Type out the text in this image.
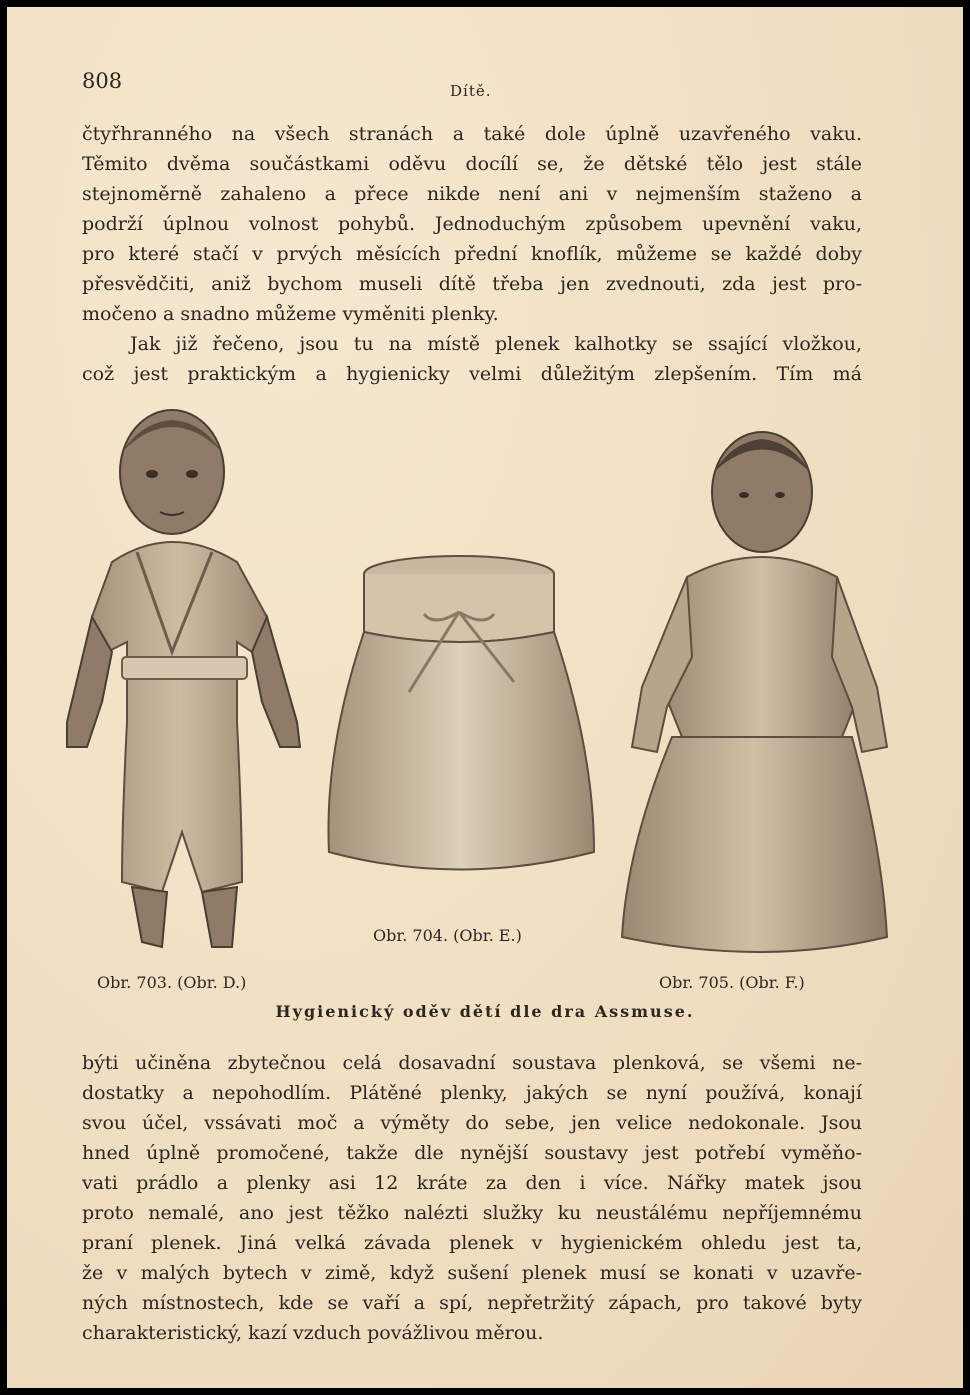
808	Dítě.
čtyřhranného na všech stranách a také dole úplně uzavřeného vaku.
Těmito dvěma součástkami oděvu docílí se, že dětské tělo jest stále
stejnoměrně zahaleno a přece nikde není ani v nejmenším staženo a
podrží úplnou volnost pohybů. Jednoduchým způsobem upevnění vaku,
pro které stačí v prvých měsících přední knoflík, můžeme se každé doby
přesvědčiti, aniž bychom museli dítě třeba jen zvednouti, zda jest pro-
močeno a snadno můžeme vyměniti plenky.
Jak již řečeno, jsou tu na místě plenek kalhotky se ssající vložkou,
což jest praktickým a hygienicky velmi důležitým zlepšením. Tím má
Obr. 703. (Obr. D.)
Obr. 704. (Obr. E.)
Obr. 705. (Obr. F.)
Hygienický oděv dětí dle dra Assmuse.
býti učiněna zbytečnou celá dosavadní soustava plenková, se všemi ne-
dostatky a nepohodlím. Plátěné plenky, jakých se nyní používá, konají
svou účel, vssávati moč a výměty do sebe, jen velice nedokonale. Jsou
hned úplně promočené, takže dle nynější soustavy jest potřebí vyměňo-
vati prádlo a plenky asi 12 kráte za den i více. Nářky matek jsou
proto nemalé, ano jest těžko nalézti služky ku neustálému nepříjemnému
praní plenek. Jiná velká závada plenek v hygienickém ohledu jest ta,
že v malých bytech v zimě, když sušení plenek musí se konati v uzavře-
ných místnostech, kde se vaří a spí, nepřetržitý zápach, pro takové byty
charakteristický, kazí vzduch povážlivou měrou.
